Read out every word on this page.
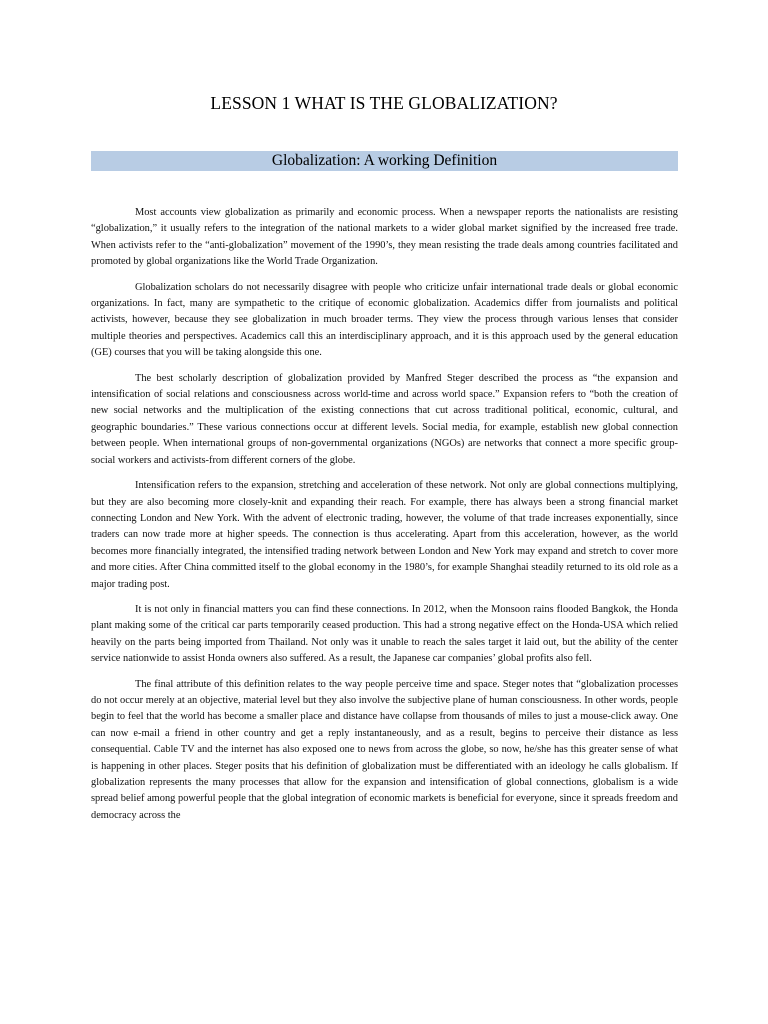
LESSON 1 WHAT IS THE GLOBALIZATION?
Globalization: A working Definition

Most accounts view globalization as primarily and economic process. When a newspaper reports the nationalists are resisting “globalization,” it usually refers to the integration of the national markets to a wider global market signified by the increased free trade. When activists refer to the “anti-globalization” movement of the 1990’s, they mean resisting the trade deals among countries facilitated and promoted by global organizations like the World Trade Organization.

Globalization scholars do not necessarily disagree with people who criticize unfair international trade deals or global economic organizations. In fact, many are sympathetic to the critique of economic globalization. Academics differ from journalists and political activists, however, because they see globalization in much broader terms. They view the process through various lenses that consider multiple theories and perspectives. Academics call this an interdisciplinary approach, and it is this approach used by the general education (GE) courses that you will be taking alongside this one.

The best scholarly description of globalization provided by Manfred Steger described the process as “the expansion and intensification of social relations and consciousness across world-time and across world space.” Expansion refers to “both the creation of new social networks and the multiplication of the existing connections that cut across traditional political, economic, cultural, and geographic boundaries.” These various connections occur at different levels. Social media, for example, establish new global connection between people. When international groups of non-governmental organizations (NGOs) are networks that connect a more specific group-social workers and activists-from different corners of the globe.

Intensification refers to the expansion, stretching and acceleration of these network. Not only are global connections multiplying, but they are also becoming more closely-knit and expanding their reach. For example, there has always been a strong financial market connecting London and New York. With the advent of electronic trading, however, the volume of that trade increases exponentially, since traders can now trade more at higher speeds. The connection is thus accelerating. Apart from this acceleration, however, as the world becomes more financially integrated, the intensified trading network between London and New York may expand and stretch to cover more and more cities. After China committed itself to the global economy in the 1980’s, for example Shanghai steadily returned to its old role as a major trading post.

It is not only in financial matters you can find these connections. In 2012, when the Monsoon rains flooded Bangkok, the Honda plant making some of the critical car parts temporarily ceased production. This had a strong negative effect on the Honda-USA which relied heavily on the parts being imported from Thailand. Not only was it unable to reach the sales target it laid out, but the ability of the center service nationwide to assist Honda owners also suffered. As a result, the Japanese car companies’ global profits also fell.

The final attribute of this definition relates to the way people perceive time and space. Steger notes that “globalization processes do not occur merely at an objective, material level but they also involve the subjective plane of human consciousness. In other words, people begin to feel that the world has become a smaller place and distance have collapse from thousands of miles to just a mouse-click away. One can now e-mail a friend in other country and get a reply instantaneously, and as a result, begins to perceive their distance as less consequential. Cable TV and the internet has also exposed one to news from across the globe, so now, he/she has this greater sense of what is happening in other places. Steger posits that his definition of globalization must be differentiated with an ideology he calls globalism. If globalization represents the many processes that allow for the expansion and intensification of global connections, globalism is a wide spread belief among powerful people that the global integration of economic markets is beneficial for everyone, since it spreads freedom and democracy across the
